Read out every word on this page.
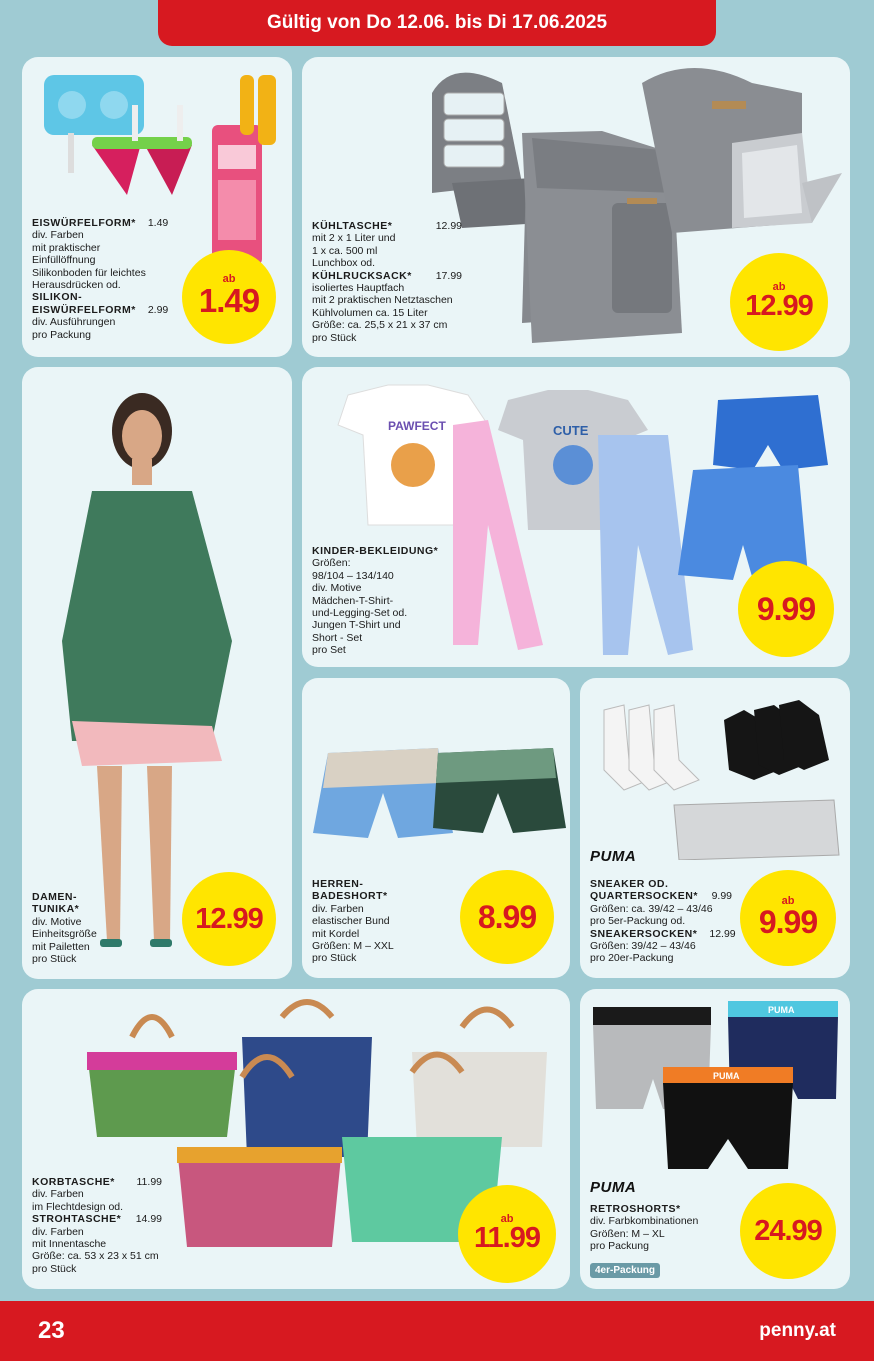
Gültig von Do 12.06. bis Di 17.06.2025
EISWÜRFELFORM* 1.49
div. Farben
mit praktischer
Einfüllöffnung
Silikonboden für leichtes
Herausdrücken od.
SILIKON-
EISWÜRFELFORM* 2.99
div. Ausführungen
pro Packung
ab
1.49
KÜHLTASCHE*	12.99
mit 2 x 1 Liter und
1 x ca. 500 ml
Lunchbox od.
KÜHLRUCKSACK* 17.99
isoliertes Hauptfach
mit 2 praktischen Netztaschen
Kühlvolumen ca. 15 Liter
Größe: ca. 25,5 x 21 x 37 cm
pro Stück
ab
12.99
DAMEN-
TUNIKA*
div. Motive
Einheitsgröße
mit Pailetten
pro Stück
12.99
PAWFECT	CUTE
KINDER-BEKLEIDUNG*
Größen:
98/104 – 134/140
div. Motive
Mädchen-T-Shirt-
und-Legging-Set od.
Jungen T-Shirt und
Short - Set
pro Set
9.99
HERREN-
BADESHORT*
div. Farben
elastischer Bund
mit Kordel
Größen: M – XXL
pro Stück
8.99
PUMA
SNEAKER OD.
QUARTERSOCKEN* 9.99
Größen: ca. 39/42 – 43/46
pro 5er-Packung od.
SNEAKERSOCKEN* 12.99
Größen: 39/42 – 43/46
pro 20er-Packung
ab
9.99
KORBTASCHE* 11.99
div. Farben
im Flechtdesign od.
STROHTASCHE* 14.99
div. Farben
mit Innentasche
Größe: ca. 53 x 23 x 51 cm
pro Stück
ab
11.99
PUMA
PUMA
PUMA
RETROSHORTS*
div. Farbkombinationen
Größen: M – XL
pro Packung
4er-Packung
24.99
23	penny.at
